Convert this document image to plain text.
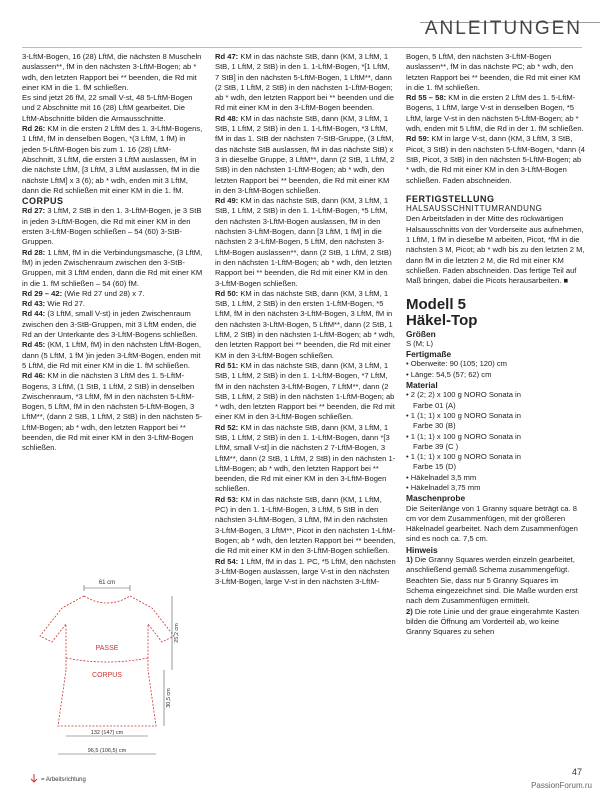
ANLEITUNGEN

3-LftM-Bogen, 16 (28) LftM, die nächsten 8 Muscheln auslassen**, fM in den nächsten 3-LftM-Bogen; ab * wdh, den letzten Rapport bei ** beenden, die Rd mit einer KM in die 1. fM schließen.

Es sind jetzt 26 fM, 22 small V-st, 48 5-LftM-Bogen und 2 Abschnitte mit 16 (28) LftM gearbeitet. Die LftM-Abschnitte bilden die Armausschnitte.

Rd 26: KM in die ersten 2 LftM des 1. 3-LftM-Bogens, 1 LftM, fM in denselben Bogen, *(3 LftM, 1 fM) in jeden 5-LftM-Bogen bis zum 1. 16 (28) LftM-Abschnitt, 3 LftM, die ersten 3 LftM auslassen, fM in die nächste LftM, [3 LftM, 3 LftM auslassen, fM in die nächste LftM] x 3 (6); ab * wdh, enden mit 3 LftM, dann die Rd schließen mit einer KM in die 1. fM.

CORPUS

Rd 27: 3 LftM, 2 StB in den 1. 3-LftM-Bogen, je 3 StB in jeden 3-LftM-Bogen, die Rd mit einer KM in den ersten 3-LftM-Bogen schließen – 54 (60) 3-StB-Gruppen.

Rd 28: 1 LftM, fM in die Verbindungsmasche, (3 LftM, fM) in jeden Zwischenraum zwischen den 3-StB-Gruppen, mit 3 LftM enden, dann die Rd mit einer KM in die 1. fM schließen – 54 (60) fM.

Rd 29 – 42: (Wie Rd 27 und 28) x 7.

Rd 43: Wie Rd 27.

Rd 44: (3 LftM, small V-st) in jeden Zwischenraum zwischen den 3-StB-Gruppen, mit 3 LftM enden, die Rd an der Unterkante des 3-LftM-Bogens schließen.

Rd 45: (KM, 1 LftM, fM) in den nächsten LftM-Bogen, dann (5 LftM, 1 fM )in jeden 3-LftM-Bogen, enden mit 5 LftM, die Rd mit einer KM in die 1. fM schließen.

Rd 46: KM in die nächsten 3 LftM des 1. 5-LftM-Bogens, 3 LftM, (1 StB, 1 LftM, 2 StB) in denselben Zwischenraum, *3 LftM, fM in den nächsten 5-LftM-Bogen, 5 LftM, fM in den nächsten 5-LftM-Bogen, 3 LftM**, (dann 2 StB, 1 LftM, 2 StB) in den nächsten 5-LftM-Bogen; ab * wdh, den letzten Rapport bei ** beenden, die Rd mit einer KM in den 3-LftM-Bogen schließen.

61 cm
PASSE
CORPUS
25,2 cm
30,5 cm
132 (147) cm
96,5 (106,5) cm
= Arbeitsrichtung

Rd 47: KM in das nächste StB, dann (KM, 3 LftM, 1 StB, 1 LftM, 2 StB) in den 1. 1-LftM-Bogen, *[1 LftM, 7 StB] in den nächsten 5-LftM-Bogen, 1 LftM**, dann (2 StB, 1 LftM, 2 StB) in den nächsten 1-LftM-Bogen; ab * wdh, den letzten Rapport bei ** beenden und die Rd mit einer KM in den 3-LftM-Bogen beenden.

Rd 48: KM in das nächste StB, dann (KM, 3 LftM, 1 StB, 1 LftM, 2 StB) in den 1. 1-LftM-Bogen, *3 LftM, fM in das 1. StB der nächsten 7-StB-Gruppe, (3 LftM, das nächste StB auslassen, fM in das nächste StB) x 3 in dieselbe Gruppe, 3 LftM**, dann (2 StB, 1 LftM, 2 StB) in den nächsten 1-LftM-Bogen; ab * wdh, den letzten Rapport bei ** beenden, die Rd mit einer KM in den 3-LftM-Bogen schließen.

Rd 49: KM in das nächste StB, dann (KM, 3 LftM, 1 StB, 1 LftM, 2 StB) in den 1. 1-LftM-Bogen, *5 LftM, den nächsten 3-LftM-Bogen auslassen, fM in den nächsten 3-LftM-Bogen, dann [3 LftM, 1 fM] in die nächsten 2 3-LftM-Bogen, 5 LftM, den nächsten 3-LftM-Bogen auslassen**, dann (2 StB, 1 LftM, 2 StB) in den nächsten 1-LftM-Bogen; ab * wdh, den letzten Rapport bei ** beenden, die Rd mit einer KM in den 3-LftM-Bogen schließen.

Rd 50: KM in das nächste StB, dann (KM, 3 LftM, 1 StB, 1 LftM, 2 StB) in den ersten 1-LftM-Bogen, *5 LftM, fM in den nächsten 3-LftM-Bogen, 3 LftM, fM in den nächsten 3-LftM-Bogen, 5 LftM**, dann (2 StB, 1 LftM, 2 StB) in den nächsten 1-LftM-Bogen; ab * wdh, den letzten Rapport bei ** beenden, die Rd mit einer KM in den 3-LftM-Bogen schließen.

Rd 51: KM in das nächste StB, dann (KM, 3 LftM, 1 StB, 1 LftM, 2 StB) in den 1. 1-LftM-Bogen, *7 LftM, fM in den nächsten 3-LftM-Bogen, 7 LftM**, dann (2 StB, 1 LftM, 2 StB) in den nächsten 1-LftM-Bogen; ab * wdh, den letzten Rapport bei ** beenden, die Rd mit einer KM in den 3-LftM-Bogen schließen.

Rd 52: KM in das nächste StB, dann (KM, 3 LftM, 1 StB, 1 LftM, 2 StB) in den 1. 1-LftM-Bogen, dann *[3 LftM, small V-st] in die nächsten 2 7-LftM-Bogen, 3 LftM**, dann (2 StB, 1 LftM, 2 StB) in den nächsten 1-LftM-Bogen; ab * wdh, den letzten Rapport bei ** beenden, die Rd mit einer KM in den 3-LftM-Bogen schließen.

Rd 53: KM in das nächste StB, dann (KM, 1 LftM, PC) in den 1. 1-LftM-Bogen, 3 LftM, 5 StB in den nächsten 3-LftM-Bogen, 3 LftM, fM in den nächsten 3-LftM-Bogen, 3 LftM**, Picot in den nächsten 1-LftM-Bogen; ab * wdh, den letzten Rapport bei ** beenden, die Rd mit einer KM in den 3-LftM-Bogen schließen.

Rd 54: 1 LftM, fM in das 1. PC, *5 LftM, den nächsten 3-LftM-Bogen auslassen, large V-st in den nächsten 3-LftM-Bogen, large V-st in den nächsten 3-LftM-

Bogen, 5 LftM, den nächsten 3-LftM-Bogen auslassen**, fM in das nächste PC; ab * wdh, den letzten Rapport bei ** beenden, die Rd mit einer KM in die 1. fM schließen.

Rd 55 – 58: KM in die ersten 2 LftM des 1. 5-LftM-Bogens, 1 LftM, large V-st in denselben Bogen, *5 LftM, large V-st in den nächsten 5-LftM-Bogen; ab * wdh, enden mit 5 LftM, die Rd in der 1. fM schließen.

Rd 59: KM in large V-st, dann (KM, 3 LftM, 3 StB, Picot, 3 StB) in den nächsten 5-LftM-Bogen, *dann (4 StB, Picot, 3 StB) in den nächsten 5-LftM-Bogen; ab * wdh, die Rd mit einer KM in den 3-LftM-Bogen schließen. Faden abschneiden.

FERTIGSTELLUNG

HALSAUSSCHNITTUMRANDUNG

Den Arbeitsfaden in der Mitte des rückwärtigen Halsausschnitts von der Vorderseite aus aufnehmen, 1 LftM, 1 fM in dieselbe M arbeiten, Picot, *fM in die nächsten 3 M, Picot; ab * wdh bis zu den letzten 2 M, dann fM in die letzten 2 M, die Rd mit einer KM schließen. Faden abschneiden. Das fertige Teil auf Maß bringen, dabei die Picots herausarbeiten. ■

Modell 5
Häkel-Top

Größen

S (M; L)

Fertigmaße

• Oberweite: 90 (105; 120) cm

• Länge: 54,5 (57; 62) cm

Material

• 2 (2; 2) x 100 g NORO Sonata in

Farbe 01 (A)

• 1 (1; 1) x 100 g NORO Sonata in

Farbe 30 (B)

• 1 (1; 1) x 100 g NORO Sonata in

Farbe 39 (C )

• 1 (1; 1) x 100 g NORO Sonata in

Farbe 15 (D)

• Häkelnadel 3,5 mm

• Häkelnadel 3,75 mm

Maschenprobe

Die Seitenlänge von 1 Granny square beträgt ca. 8 cm vor dem Zusammenfügen, mit der größeren Häkelnadel gearbeitet. Nach dem Zusammenfügen sind es noch ca. 7,5 cm.

Hinweis

1) Die Granny Squares werden einzeln gearbeitet, anschließend gemäß Schema zusammengefügt. Beachten Sie, dass nur 5 Granny Squares im Schema eingezeichnet sind. Die Maße wurden erst nach dem Zusammenfügen ermittelt.

2) Die rote Linie und der graue eingerahmte Kasten bilden die Öffnung am Vorderteil ab, wo keine Granny Squares zu sehen

47
PassionForum.ru
